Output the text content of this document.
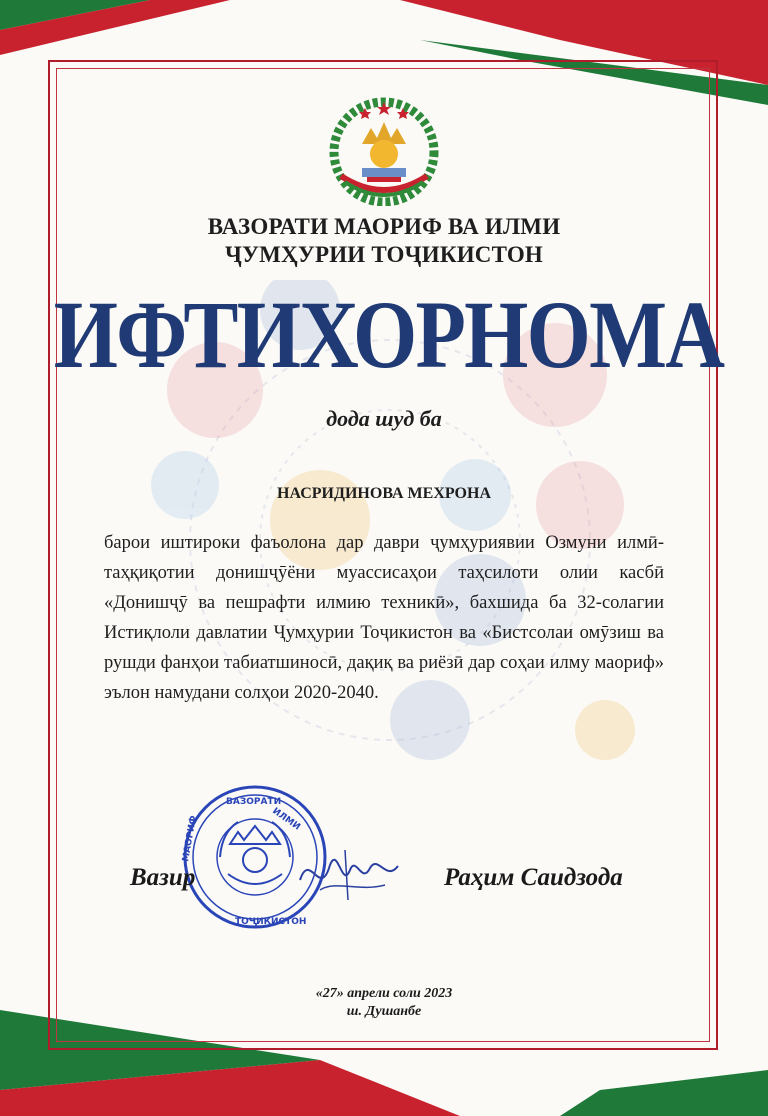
ВАЗОРАТИ МАОРИФ ВА ИЛМИ
ҶУМҲУРИИ ТОҶИКИСТОН
ИФТИХОРНОМА
дода шуд ба
НАСРИДИНОВА МЕХРОНА
барои иштироки фаъолона дар даври ҷумҳуриявии Озмуни илмӣ-таҳқиқотии донишҷӯёни муассисаҳои таҳсилоти олии касбӣ «Донишҷӯ ва пешрафти илмию техникӣ», бахшида ба 32-солагии Истиқлоли давлатии Ҷумҳурии Тоҷикистон ва «Бистсолаи омӯзиш ва рушди фанҳои табиатшиносӣ, дақиқ ва риёзӣ дар соҳаи илму маориф» эълон намудани солҳои 2020-2040.
ВАЗОРАТИ
ИЛМИ
МАОРИФ
ТОҶИКИСТОН
Вазир	Раҳим Саидзода
«27» апрели соли 2023
ш. Душанбе
